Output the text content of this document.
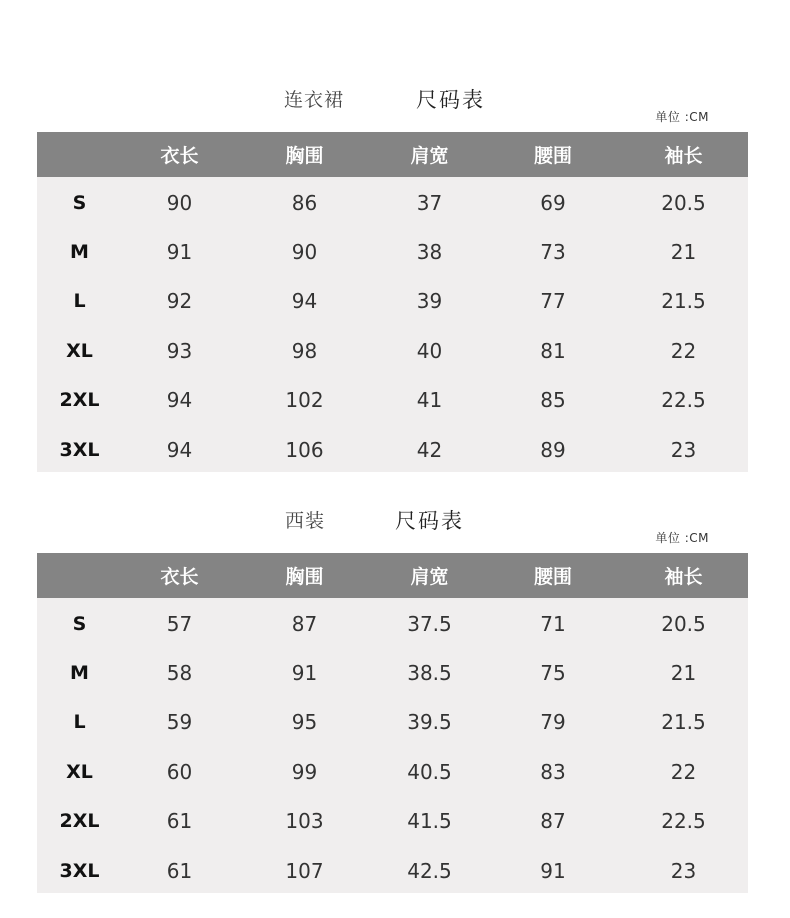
连衣裙	尺码表
单位 :CM
衣长	胸围	肩宽	腰围	袖长
S	90	86	37	69	20.5
M	91	90	38	73	21
L	92	94	39	77	21.5
XL	93	98	40	81	22
2XL	94	102	41	85	22.5
3XL	94	106	42	89	23
西装	尺码表
单位 :CM
衣长	胸围	肩宽	腰围	袖长
S	57	87	37.5	71	20.5
M	58	91	38.5	75	21
L	59	95	39.5	79	21.5
XL	60	99	40.5	83	22
2XL	61	103	41.5	87	22.5
3XL	61	107	42.5	91	23
